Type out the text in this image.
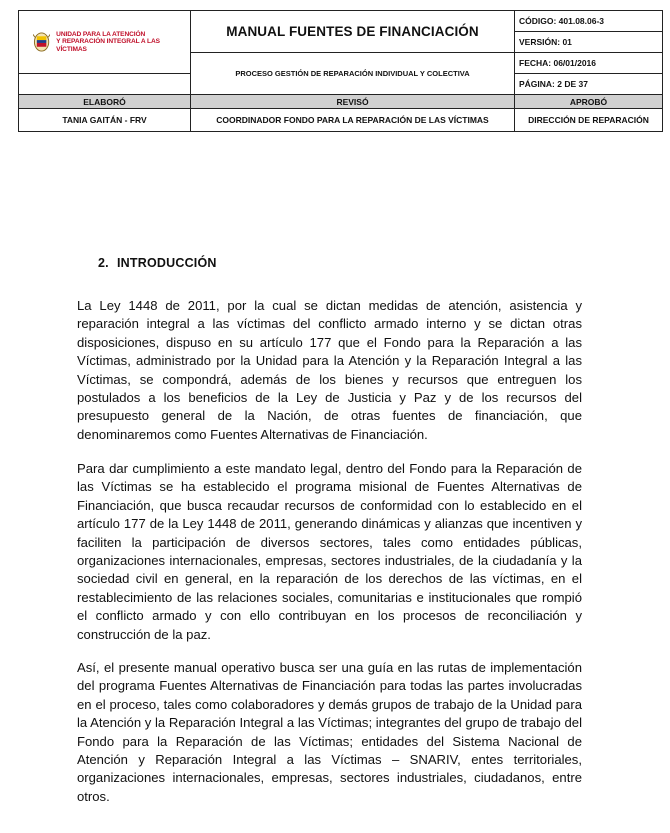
UNIDAD PARA LA ATENCIÓN
Y REPARACIÓN INTEGRAL A LAS VÍCTIMAS	MANUAL FUENTES DE FINANCIACIÓN	CÓDIGO: 401.08.06-3
		VERSIÓN: 01
	PROCESO GESTIÓN DE REPARACIÓN INDIVIDUAL Y COLECTIVA	FECHA: 06/01/2016
		PÁGINA: 2 DE 37
ELABORÓ	REVISÓ	APROBÓ
TANIA GAITÁN - FRV	COORDINADOR FONDO PARA LA REPARACIÓN DE LAS VÍCTIMAS	DIRECCIÓN DE REPARACIÓN
2. INTRODUCCIÓN

La Ley 1448 de 2011, por la cual se dictan medidas de atención, asistencia y reparación integral a las víctimas del conflicto armado interno y se dictan otras disposiciones, dispuso en su artículo 177 que el Fondo para la Reparación a las Víctimas, administrado por la Unidad para la Atención y la Reparación Integral a las Víctimas, se compondrá, además de los bienes y recursos que entreguen los postulados a los beneficios de la Ley de Justicia y Paz y de los recursos del presupuesto general de la Nación, de otras fuentes de financiación, que denominaremos como Fuentes Alternativas de Financiación.

Para dar cumplimiento a este mandato legal, dentro del Fondo para la Reparación de las Víctimas se ha establecido el programa misional de Fuentes Alternativas de Financiación, que busca recaudar recursos de conformidad con lo establecido en el artículo 177 de la Ley 1448 de 2011, generando dinámicas y alianzas que incentiven y faciliten la participación de diversos sectores, tales como entidades públicas, organizaciones internacionales, empresas, sectores industriales, de la ciudadanía y la sociedad civil en general, en la reparación de los derechos de las víctimas, en el restablecimiento de las relaciones sociales, comunitarias e institucionales que rompió el conflicto armado y con ello contribuyan en los procesos de reconciliación y construcción de la paz.

Así, el presente manual operativo busca ser una guía en las rutas de implementación del programa Fuentes Alternativas de Financiación para todas las partes involucradas en el proceso, tales como colaboradores y demás grupos de trabajo de la Unidad para la Atención y la Reparación Integral a las Víctimas; integrantes del grupo de trabajo del Fondo para la Reparación de las Víctimas; entidades del Sistema Nacional de Atención y Reparación Integral a las Víctimas – SNARIV, entes territoriales, organizaciones internacionales, empresas, sectores industriales, ciudadanos, entre otros.
